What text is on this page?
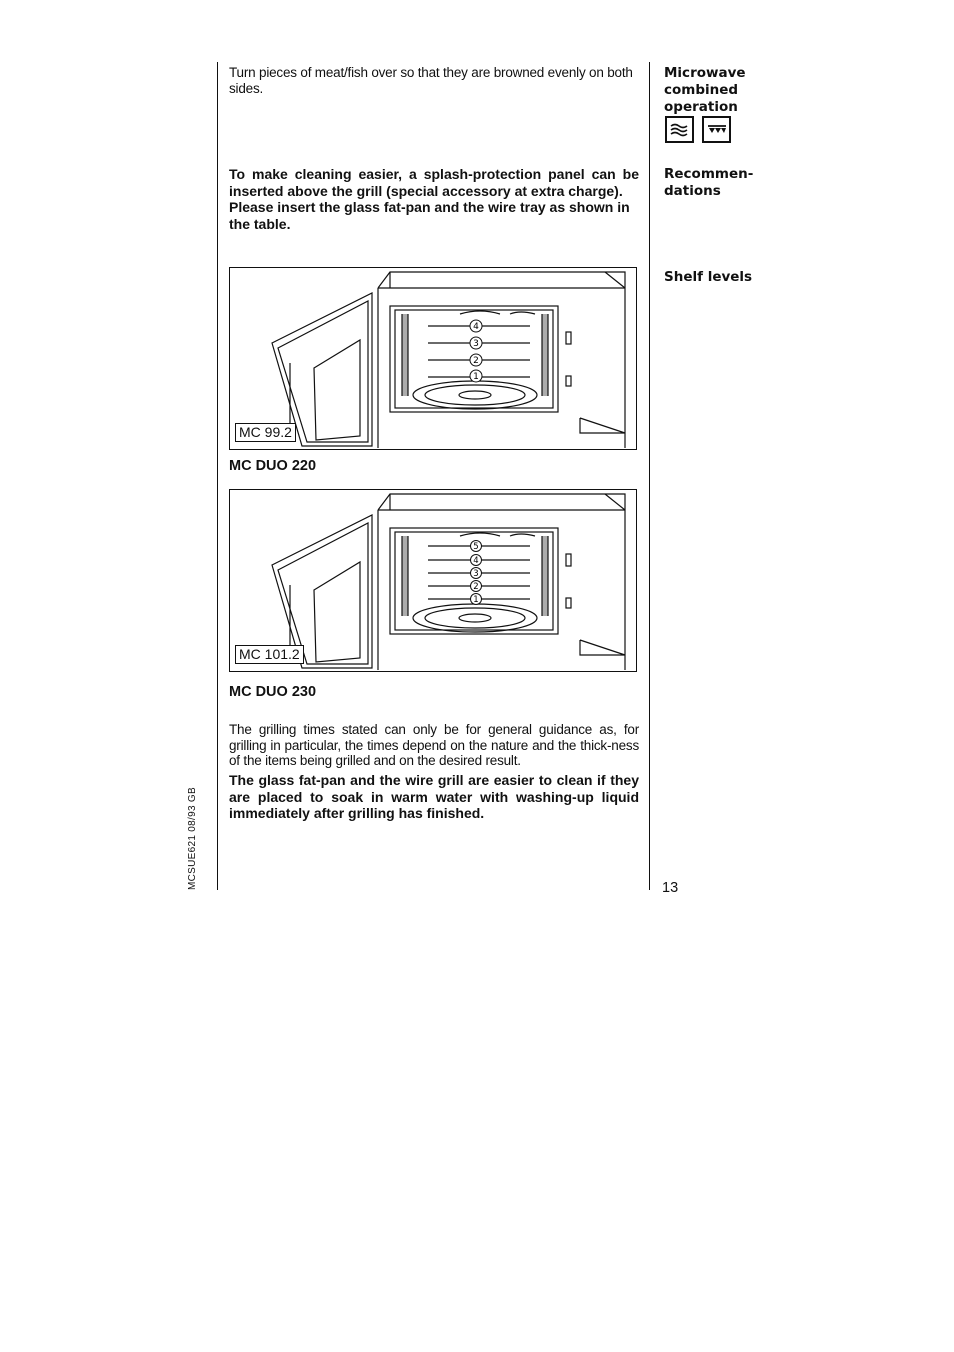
Turn pieces of meat/fish over so that they are browned evenly on both sides.

To make cleaning easier, a splash-protection panel can be inserted above the grill (special accessory at extra charge).

Please insert the glass fat-pan and the wire tray as shown in the table.

4
3
2
1
MC 99.2
MC DUO 220
5
4
3
2
1
MC 101.2
MC DUO 230

The grilling times stated can only be for general guidance as, for grilling in particular, the times depend on the nature and the thick-ness of the items being grilled and on the desired result.

The glass fat-pan and the wire grill are easier to clean if they are placed to soak in warm water with washing-up liquid immediately after grilling has finished.

Microwave combined operation

Recommen-dations

Shelf levels

MCSUE621 08/93 GB	13
